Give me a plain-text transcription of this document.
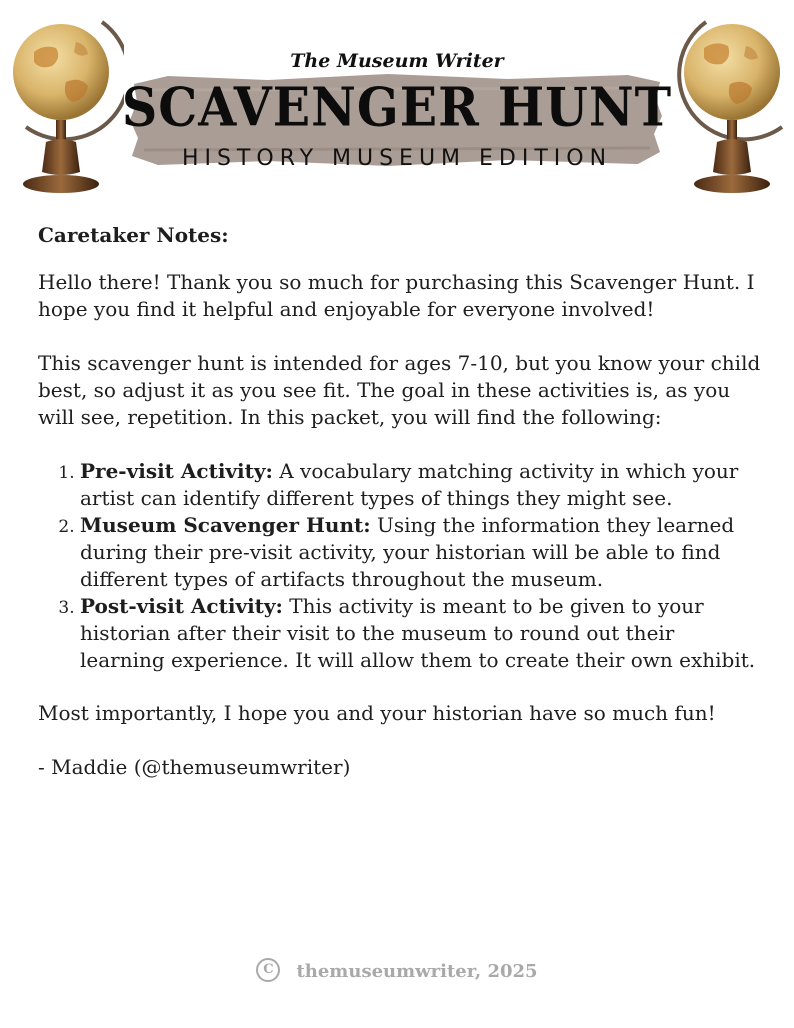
The Museum Writer
SCAVENGER HUNT
HISTORY MUSEUM EDITION

Caretaker Notes:

Hello there! Thank you so much for purchasing this Scavenger Hunt. I hope you find it helpful and enjoyable for everyone involved!

This scavenger hunt is intended for ages 7-10, but you know your child best, so adjust it as you see fit. The goal in these activities is, as you will see, repetition. In this packet, you will find the following:

1. Pre-visit Activity: A vocabulary matching activity in which your artist can identify different types of things they might see.
2. Museum Scavenger Hunt: Using the information they learned during their pre-visit activity, your historian will be able to find different types of artifacts throughout the museum.
3. Post-visit Activity: This activity is meant to be given to your historian after their visit to the museum to round out their learning experience. It will allow them to create their own exhibit.

Most importantly, I hope you and your historian have so much fun!

- Maddie (@themuseumwriter)

C themuseumwriter, 2025
